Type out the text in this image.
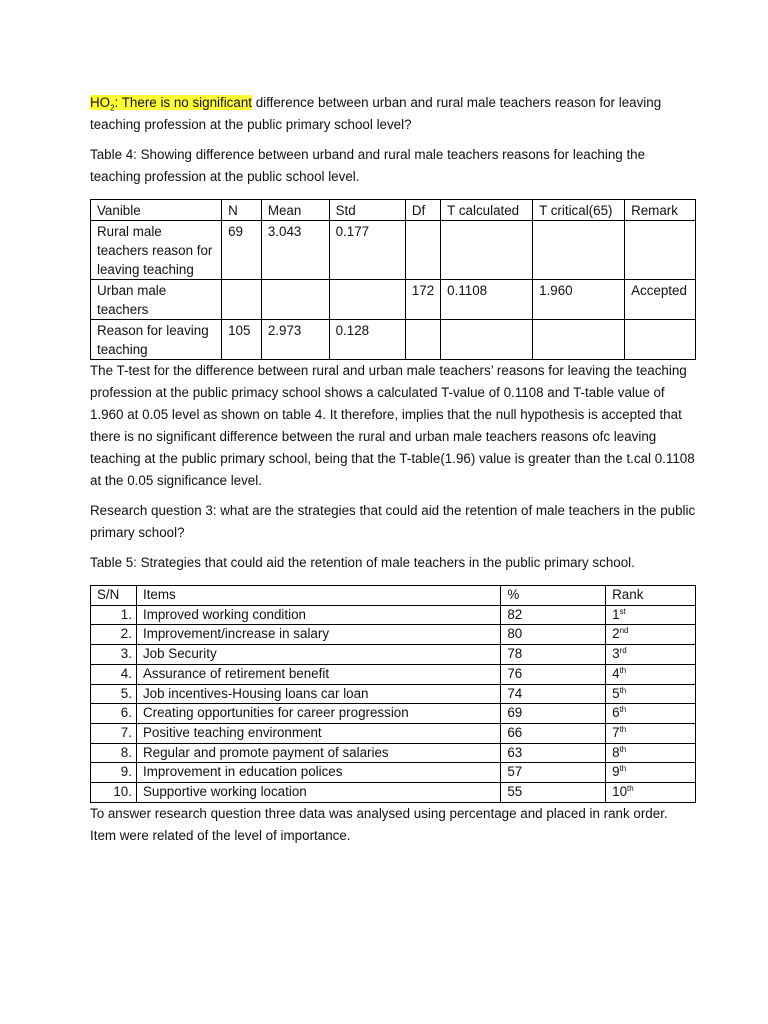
$HO_2$: There is no significant difference between urban and rural male teachers reason for leaving teaching profession at the public primary school level?

Table 4: Showing difference between urband and rural male teachers reasons for leaching the teaching profession at the public school level.

Vanible	N	Mean	Std	Df	T calculated	T critical(65)	Remark
Rural male teachers reason for leaving teaching	69	3.043	0.177				
Urban male teachers				172	0.1108	1.960	Accepted
Reason for leaving teaching	105	2.973	0.128				

The T-test for the difference between rural and urban male teachers’ reasons for leaving the teaching profession at the public primacy school shows a calculated T-value of 0.1108 and T-table value of 1.960 at 0.05 level as shown on table 4. It therefore, implies that the null hypothesis is accepted that there is no significant difference between the rural and urban male teachers reasons ofc leaving teaching at the public primary school, being that the T-table(1.96) value is greater than the t.cal 0.1108 at the 0.05 significance level.

Research question 3: what are the strategies that could aid the retention of male teachers in the public primary school?

Table 5: Strategies that could aid the retention of male teachers in the public primary school.

S/N	Items	%	Rank
1.	Improved working condition	82	1st
2.	Improvement/increase in salary	80	2nd
3.	Job Security	78	3rd
4.	Assurance of retirement benefit	76	4th
5.	Job incentives-Housing loans car loan	74	5th
6.	Creating opportunities for career progression	69	6th
7.	Positive teaching environment	66	7th
8.	Regular and promote payment of salaries	63	8th
9.	Improvement in education polices	57	9th
10.	Supportive working location	55	10th

To answer research question three data was analysed using percentage and placed in rank order. Item were related of the level of importance.
